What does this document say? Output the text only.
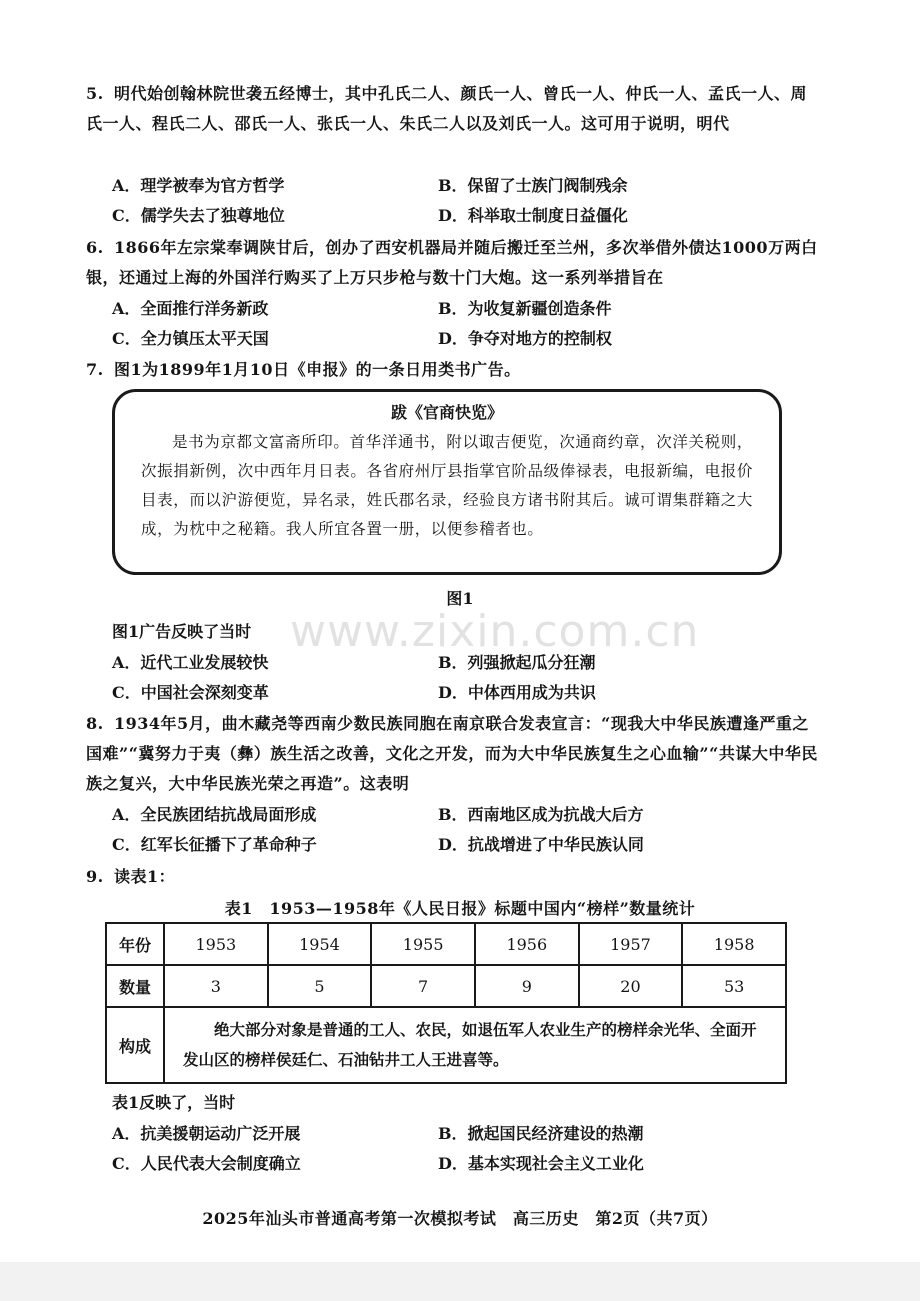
5. 明代始创翰林院世袭五经博士，其中孔氏二人、颜氏一人、曾氏一人、仲氏一人、孟氏一人、周氏一人、程氏二人、邵氏一人、张氏一人、朱氏二人以及刘氏一人。这可用于说明，明代
A．理学被奉为官方哲学	B．保留了士族门阀制残余
C．儒学失去了独尊地位	D．科举取士制度日益僵化
6. 1866年左宗棠奉调陕甘后，创办了西安机器局并随后搬迁至兰州，多次举借外债达1000万两白银，还通过上海的外国洋行购买了上万只步枪与数十门大炮。这一系列举措旨在
A．全面推行洋务新政	B．为收复新疆创造条件
C．全力镇压太平天国	D．争夺对地方的控制权
7. 图1为1899年1月10日《申报》的一条日用类书广告。
跋《官商快览》
是书为京都文富斋所印。首华洋通书，附以诹吉便览，次通商约章，次洋关税则，次振捐新例，次中西年月日表。各省府州厅县指掌官阶品级俸禄表，电报新编，电报价目表，而以沪游便览，异名录，姓氏郡名录，经验良方诸书附其后。诚可谓集群籍之大成，为枕中之秘籍。我人所宜各置一册，以便参稽者也。
图1
图1广告反映了当时
A．近代工业发展较快	B．列强掀起瓜分狂潮
C．中国社会深刻变革	D．中体西用成为共识
8. 1934年5月，曲木藏尧等西南少数民族同胞在南京联合发表宣言：“现我大中华民族遭逢严重之国难”“冀努力于夷（彝）族生活之改善，文化之开发，而为大中华民族复生之心血输”“共谋大中华民族之复兴，大中华民族光荣之再造”。这表明
A．全民族团结抗战局面形成	B．西南地区成为抗战大后方
C．红军长征播下了革命种子	D．抗战增进了中华民族认同
9. 读表1：
表1　1953—1958年《人民日报》标题中国内“榜样”数量统计
年份	1953	1954	1955	1956	1957	1958
数量	3	5	7	9	20	53
构成	绝大部分对象是普通的工人、农民，如退伍军人农业生产的榜样余光华、全面开发山区的榜样侯廷仁、石油钻井工人王进喜等。					
表1反映了，当时
A．抗美援朝运动广泛开展	B．掀起国民经济建设的热潮
C．人民代表大会制度确立	D．基本实现社会主义工业化
2025年汕头市普通高考第一次模拟考试　高三历史　第2页（共7页）
www.zixin.com.cn
